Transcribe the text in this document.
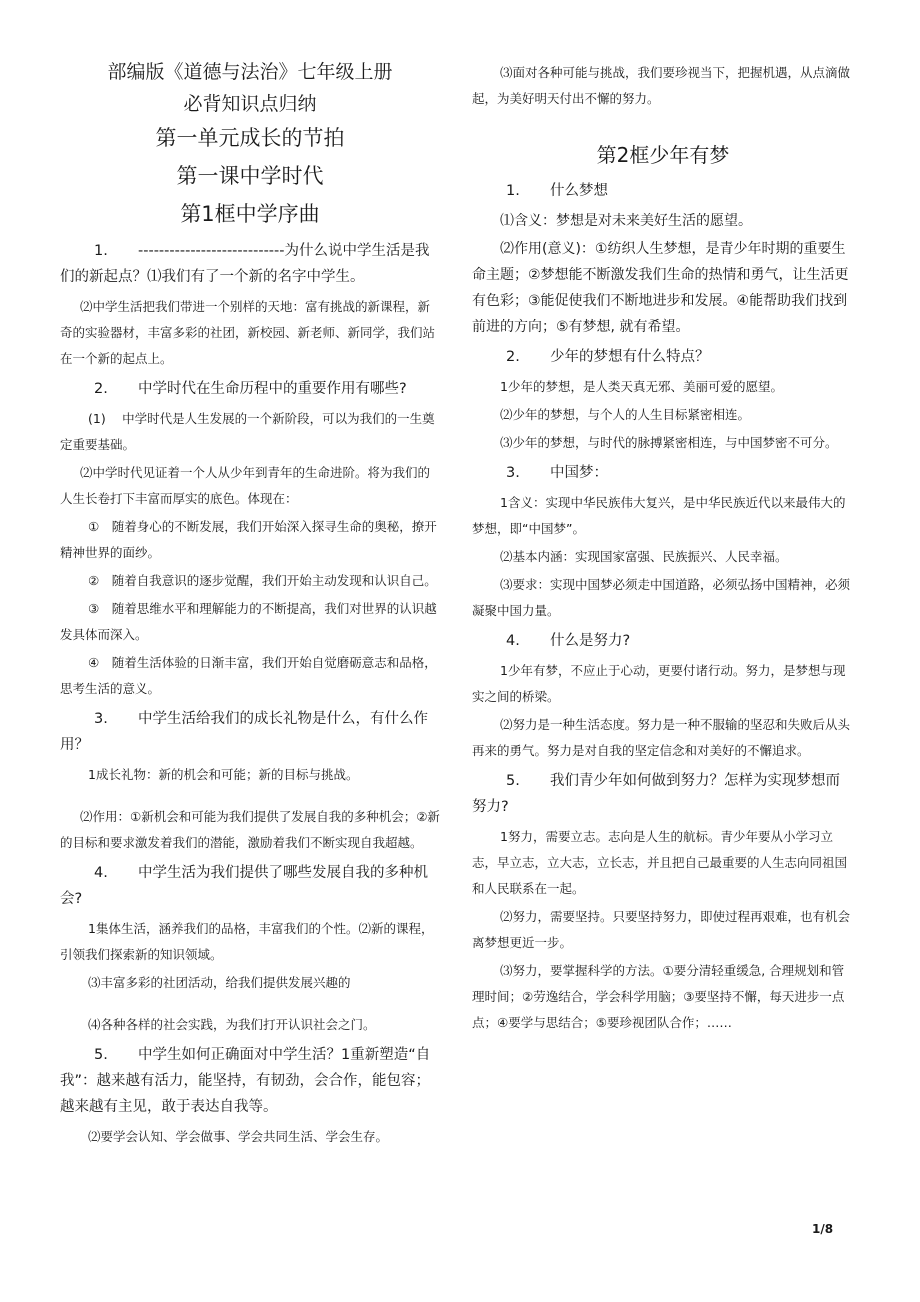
部编版《道德与法治》七年级上册

必背知识点归纳

第一单元成长的节拍

第一课中学时代

第1框中学序曲

1. ----------------------------为什么说中学生活是我们的新起点？⑴我们有了一个新的名字中学生。

⑵中学生活把我们带进一个别样的天地：富有挑战的新课程，新奇的实验器材，丰富多彩的社团，新校园、新老师、新同学，我们站在一个新的起点上。

2. 中学时代在生命历程中的重要作用有哪些?

(1)　 中学时代是人生发展的一个新阶段，可以为我们的一生奠定重要基础。

⑵中学时代见证着一个人从少年到青年的生命进阶。将为我们的人生长卷打下丰富而厚实的底色。体现在：

①　随着身心的不断发展，我们开始深入探寻生命的奥秘，撩开精神世界的面纱。

②　随着自我意识的逐步觉醒，我们开始主动发现和认识自己。

③　随着思维水平和理解能力的不断提高，我们对世界的认识越发具体而深入。

④　随着生活体验的日渐丰富，我们开始自觉磨砺意志和品格，思考生活的意义。

3. 中学生活给我们的成长礼物是什么，有什么作用？

1成长礼物：新的机会和可能；新的目标与挑战。

⑵作用：①新机会和可能为我们提供了发展自我的多种机会；②新的目标和要求激发着我们的潜能，激励着我们不断实现自我超越。

4. 中学生活为我们提供了哪些发展自我的多种机会?

1集体生活，涵养我们的品格，丰富我们的个性。⑵新的课程，引领我们探索新的知识领域。

⑶丰富多彩的社团活动，给我们提供发展兴趣的

⑷各种各样的社会实践，为我们打开认识社会之门。

5. 中学生如何正确面对中学生活？1重新塑造“自我”：越来越有活力，能坚持，有韧劲，会合作，能包容；越来越有主见，敢于表达自我等。

⑵要学会认知、学会做事、学会共同生活、学会生存。

⑶面对各种可能与挑战，我们要珍视当下，把握机遇，从点滴做起，为美好明天付出不懈的努力。

第2框少年有梦

1. 什么梦想

⑴含义：梦想是对未来美好生活的愿望。

⑵作用(意义)：①纺织人生梦想，是青少年时期的重要生命主题；②梦想能不断激发我们生命的热情和勇气，让生活更有色彩；③能促使我们不断地进步和发展。④能帮助我们找到前进的方向；⑤有梦想, 就有希望。

2. 少年的梦想有什么特点？

1少年的梦想，是人类天真无邪、美丽可爱的愿望。

⑵少年的梦想，与个人的人生目标紧密相连。

⑶少年的梦想，与时代的脉搏紧密相连，与中国梦密不可分。

3. 中国梦：

1含义：实现中华民族伟大复兴，是中华民族近代以来最伟大的梦想，即“中国梦”。

⑵基本内涵：实现国家富强、民族振兴、人民幸福。

⑶要求：实现中国梦必须走中国道路，必须弘扬中国精神，必须凝聚中国力量。

4. 什么是努力?

1少年有梦，不应止于心动，更要付诸行动。努力，是梦想与现实之间的桥梁。

⑵努力是一种生活态度。努力是一种不服输的坚忍和失败后从头再来的勇气。努力是对自我的坚定信念和对美好的不懈追求。

5. 我们青少年如何做到努力？怎样为实现梦想而努力?

1努力，需要立志。志向是人生的航标。青少年要从小学习立志，早立志，立大志，立长志，并且把自己最重要的人生志向同祖国和人民联系在一起。

⑵努力，需要坚持。只要坚持努力，即使过程再艰难，也有机会离梦想更近一步。

⑶努力，要掌握科学的方法。①要分清轻重缓急, 合理规划和管理时间；②劳逸结合，学会科学用脑；③要坚持不懈，每天进步一点点；④要学与思结合；⑤要珍视团队合作；……

1/8
